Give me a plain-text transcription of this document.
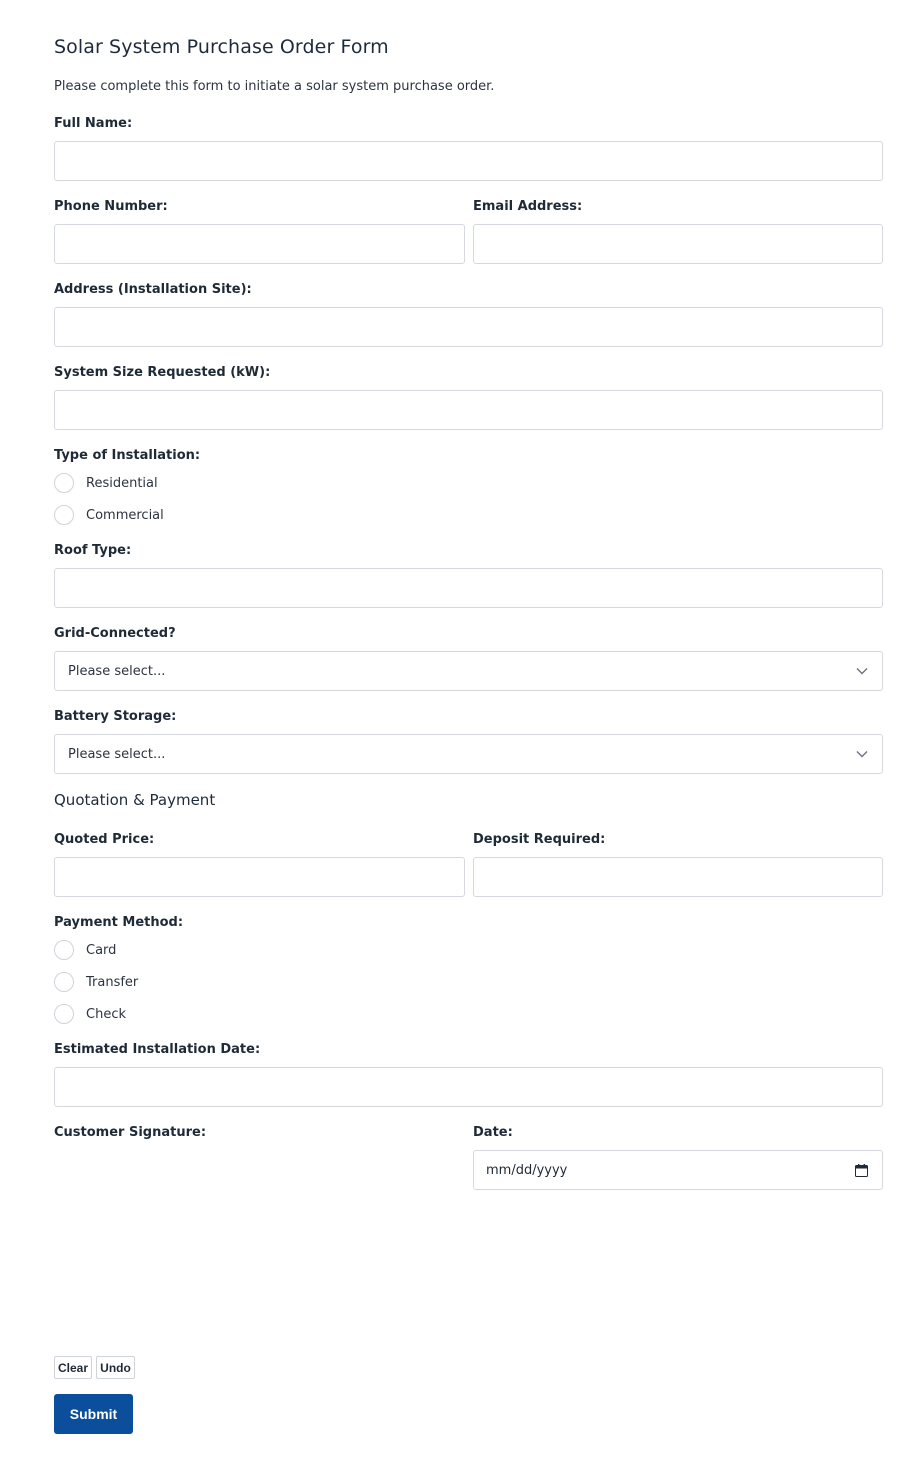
Solar System Purchase Order Form
Please complete this form to initiate a solar system purchase order.
Full Name:
Phone Number:	Email Address:
Address (Installation Site):
System Size Requested (kW):
Type of Installation:
Residential
Commercial
Roof Type:
Grid-Connected?
Please select...
Battery Storage:
Please select...
Quotation & Payment
Quoted Price:	Deposit Required:
Payment Method:
Card
Transfer
Check
Estimated Installation Date:
Customer Signature:	Date:
mm/dd/yyyy
Clear	Undo
Submit
